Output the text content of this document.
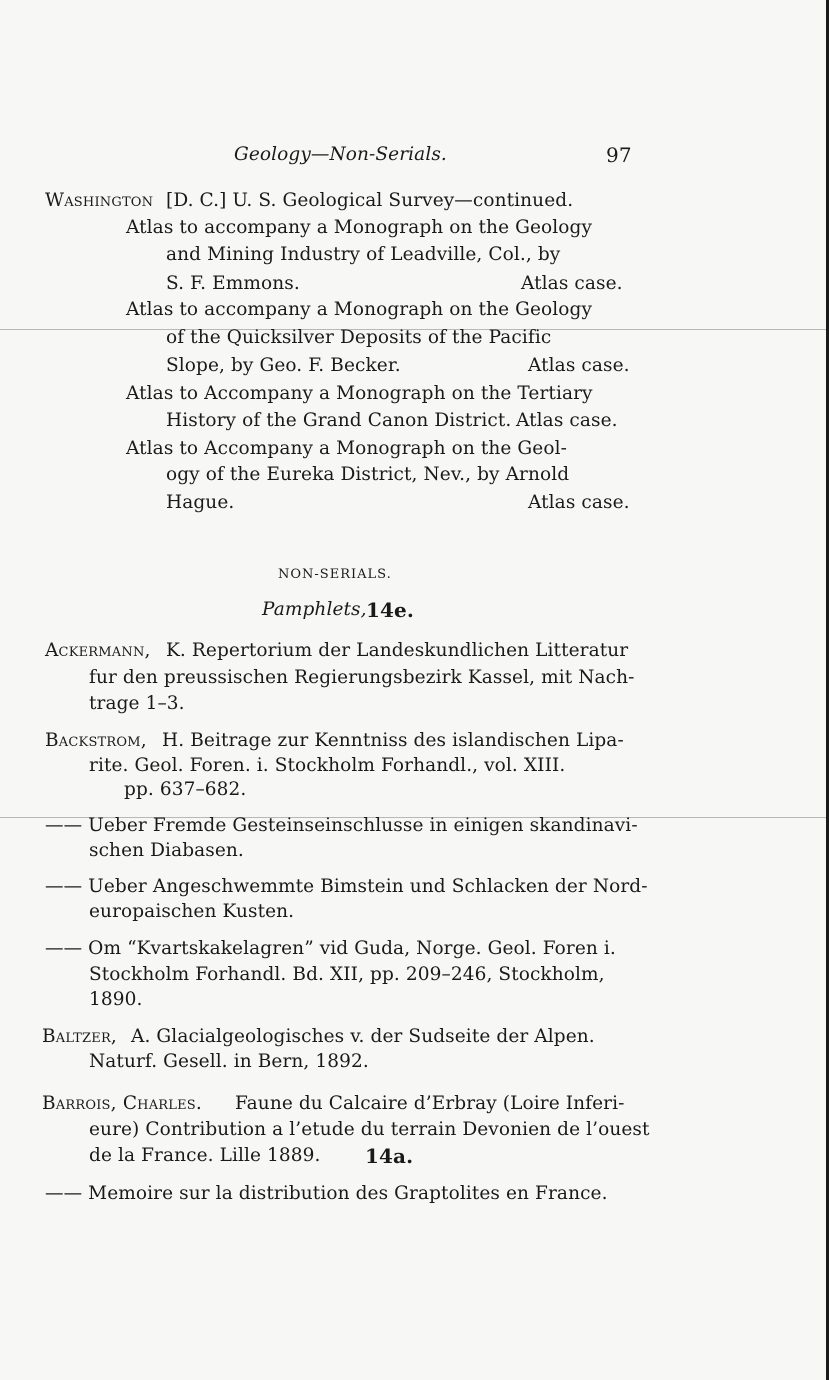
Geology—Non-Serials.	97
Washington [D. C.] U. S. Geological Survey—continued.
Atlas to accompany a Monograph on the Geology
and Mining Industry of Leadville, Col., by
S. F. Emmons.	Atlas case.
Atlas to accompany a Monograph on the Geology
of the Quicksilver Deposits of the Pacific
Slope, by Geo. F. Becker.	Atlas case.
Atlas to Accompany a Monograph on the Tertiary
History of the Grand Canon District. Atlas case.
Atlas to Accompany a Monograph on the Geol-
ogy of the Eureka District, Nev., by Arnold
Hague.	Atlas case.
NON-SERIALS.
Pamphlets, 14e.
Ackermann, K. Repertorium der Landeskundlichen Litteratur
fur den preussischen Regierungsbezirk Kassel, mit Nach-
trage 1–3.
Backstrom, H. Beitrage zur Kenntniss des islandischen Lipa-
rite. Geol. Foren. i. Stockholm Forhandl., vol. XIII.
pp. 637–682.
—— Ueber Fremde Gesteinseinschlusse in einigen skandinavi-
schen Diabasen.
—— Ueber Angeschwemmte Bimstein und Schlacken der Nord-
europaischen Kusten.
—— Om “Kvartskakelagren” vid Guda, Norge. Geol. Foren i.
Stockholm Forhandl. Bd. XII, pp. 209–246, Stockholm,
1890.
Baltzer, A. Glacialgeologisches v. der Sudseite der Alpen.
Naturf. Gesell. in Bern, 1892.
Barrois, Charles. Faune du Calcaire d’Erbray (Loire Inferi-
eure) Contribution a l’etude du terrain Devonien de l’ouest
de la France. Lille 1889. 14a.
—— Memoire sur la distribution des Graptolites en France.
